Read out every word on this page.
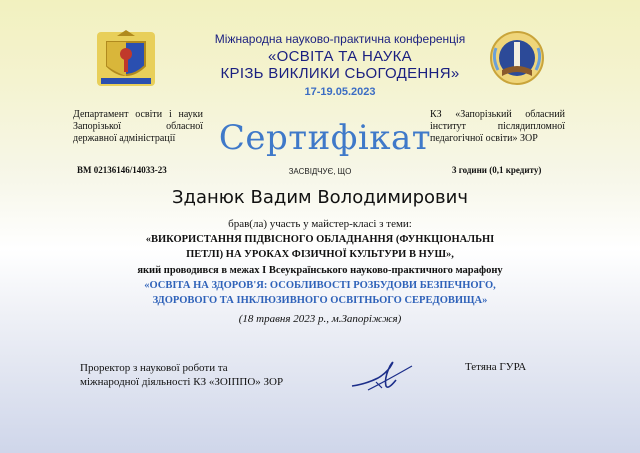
Міжнародна науково-практична конференція
«ОСВІТА ТА НАУКА
КРІЗЬ ВИКЛИКИ СЬОГОДЕННЯ»
17-19.05.2023
Департамент освіти і науки Запорізької обласної державної адміністрації
КЗ «Запорізький обласний інститут післядипломної педагогічної освіти» ЗОР
Сертифікат
ВМ 02136146/14033-23	3 години (0,1 кредиту)
ЗАСВІДЧУЄ, ЩО
Зданюк Вадим Володимирович
брав(ла) участь у майстер-класі з теми:
«ВИКОРИСТАННЯ ПІДВІСНОГО ОБЛАДНАННЯ (ФУНКЦІОНАЛЬНІ
ПЕТЛІ) НА УРОКАХ ФІЗИЧНОЇ КУЛЬТУРИ В НУШ»,
який проводився в межах І Всеукраїнського науково-практичного марафону
«ОСВІТА НА ЗДОРОВ'Я: ОСОБЛИВОСТІ РОЗБУДОВИ БЕЗПЕЧНОГО,
ЗДОРОВОГО ТА ІНКЛЮЗИВНОГО ОСВІТНЬОГО СЕРЕДОВИЩА»
(18 травня 2023 р., м.Запоріжжя)
Проректор з наукової роботи та
міжнародної діяльності КЗ «ЗОІППО» ЗОР
Тетяна ГУРА
